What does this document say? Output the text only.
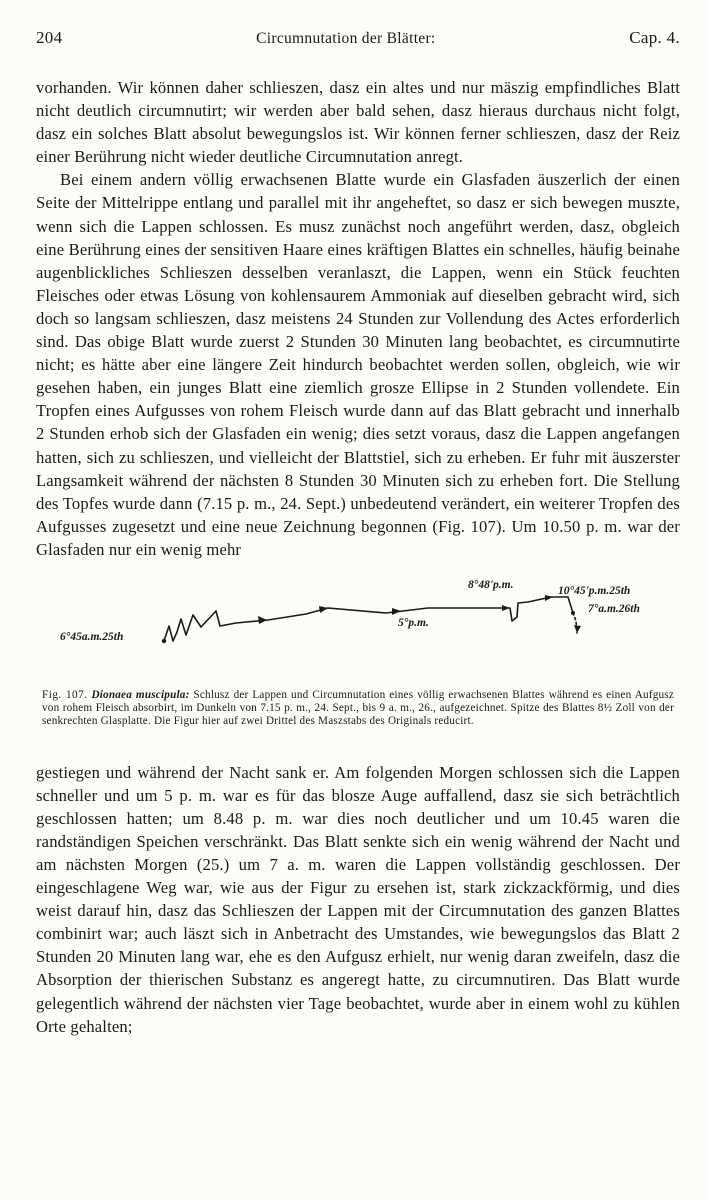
204	Circumnutation der Blätter:	Cap. 4.

vorhanden. Wir können daher schlieszen, dasz ein altes und nur mäszig empfindliches Blatt nicht deutlich circumnutirt; wir werden aber bald sehen, dasz hieraus durchaus nicht folgt, dasz ein solches Blatt absolut bewegungslos ist. Wir können ferner schlieszen, dasz der Reiz einer Berührung nicht wieder deutliche Circumnutation anregt.

Bei einem andern völlig erwachsenen Blatte wurde ein Glasfaden äuszerlich der einen Seite der Mittelrippe entlang und parallel mit ihr angeheftet, so dasz er sich bewegen muszte, wenn sich die Lappen schlossen. Es musz zunächst noch angeführt werden, dasz, obgleich eine Berührung eines der sensitiven Haare eines kräftigen Blattes ein schnelles, häufig beinahe augenblickliches Schlieszen desselben veranlaszt, die Lappen, wenn ein Stück feuchten Fleisches oder etwas Lösung von kohlensaurem Ammoniak auf dieselben gebracht wird, sich doch so langsam schlieszen, dasz meistens 24 Stunden zur Vollendung des Actes erforderlich sind. Das obige Blatt wurde zuerst 2 Stunden 30 Minuten lang beobachtet, es circumnutirte nicht; es hätte aber eine längere Zeit hindurch beobachtet werden sollen, obgleich, wie wir gesehen haben, ein junges Blatt eine ziemlich grosze Ellipse in 2 Stunden vollendete. Ein Tropfen eines Aufgusses von rohem Fleisch wurde dann auf das Blatt gebracht und innerhalb 2 Stunden erhob sich der Glasfaden ein wenig; dies setzt voraus, dasz die Lappen angefangen hatten, sich zu schlieszen, und vielleicht der Blattstiel, sich zu erheben. Er fuhr mit äuszerster Langsamkeit während der nächsten 8 Stunden 30 Minuten sich zu erheben fort. Die Stellung des Topfes wurde dann (7.15 p. m., 24. Sept.) unbedeutend verändert, ein weiterer Tropfen des Aufgusses zugesetzt und eine neue Zeichnung begonnen (Fig. 107). Um 10.50 p. m. war der Glasfaden nur ein wenig mehr

6°45a.m.25th
5°p.m.
8°48'p.m.	10°45'p.m.25th
7°a.m.26th
Fig. 107. Dionaea muscipula: Schlusz der Lappen und Circumnutation eines völlig erwachsenen Blattes während es einen Aufgusz von rohem Fleisch absorbirt, im Dunkeln von 7.15 p. m., 24. Sept., bis 9 a. m., 26., aufgezeichnet. Spitze des Blattes 8½ Zoll von der senkrechten Glasplatte. Die Figur hier auf zwei Drittel des Maszstabs des Originals reducirt.

gestiegen und während der Nacht sank er. Am folgenden Morgen schlossen sich die Lappen schneller und um 5 p. m. war es für das blosze Auge auffallend, dasz sie sich beträchtlich geschlossen hatten; um 8.48 p. m. war dies noch deutlicher und um 10.45 waren die randständigen Speichen verschränkt. Das Blatt senkte sich ein wenig während der Nacht und am nächsten Morgen (25.) um 7 a. m. waren die Lappen vollständig geschlossen. Der eingeschlagene Weg war, wie aus der Figur zu ersehen ist, stark zickzackförmig, und dies weist darauf hin, dasz das Schlieszen der Lappen mit der Circumnutation des ganzen Blattes combinirt war; auch läszt sich in Anbetracht des Umstandes, wie bewegungslos das Blatt 2 Stunden 20 Minuten lang war, ehe es den Aufgusz erhielt, nur wenig daran zweifeln, dasz die Absorption der thierischen Substanz es angeregt hatte, zu circumnutiren. Das Blatt wurde gelegentlich während der nächsten vier Tage beobachtet, wurde aber in einem wohl zu kühlen Orte gehalten;
